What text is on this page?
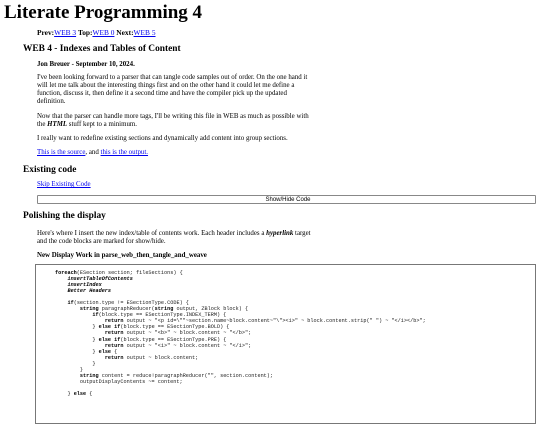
Literate Programming 4
Prev:WEB 3 Top:WEB 0 Next:WEB 5
WEB 4 - Indexes and Tables of Content
Jon Breuer - September 10, 2024.
I've been looking forward to a parser that can tangle code samples out of order. On the one hand it will let me talk about the interesting things first and on the other hand it could let me define a function, discuss it, then define it a second time and have the compiler pick up the updated definition.
Now that the parser can handle more tags, I'll be writing this file in WEB as much as possible with the HTML stuff kept to a minimum.
I really want to redefine existing sections and dynamically add content into group sections.
This is the source, and this is the output.
Existing code
Skip Existing Code
Show/Hide Code
Polishing the display
Here's where I insert the new index/table of contents work. Each header includes a hyperlink target and the code blocks are marked for show/hide.
New Display Work in parse_web_then_tangle_and_weave
foreach(ESection section; fileSections) {
insertTableOfContents
insertIndex
Better Headers

if(section.type != ESectionType.CODE) {
string paragraphReducer(string output, ZBlock block) {
if(block.type == ESectionType.INDEX_TERM) {
return output ~ "<p id=\""~section.name~block.content~"\"><i>" ~ block.content.strip(" ") ~ "</i></b>";
} else if(block.type == ESectionType.BOLD) {
return output ~ "<b>" ~ block.content ~ "</b>";
} else if(block.type == ESectionType.PRE) {
return output ~ "<i>" ~ block.content ~ "</i>";
} else {
return output ~ block.content;
}
}
string content = reduce!paragraphReducer("", section.content);
outputDisplayContents ~= content;

} else {
